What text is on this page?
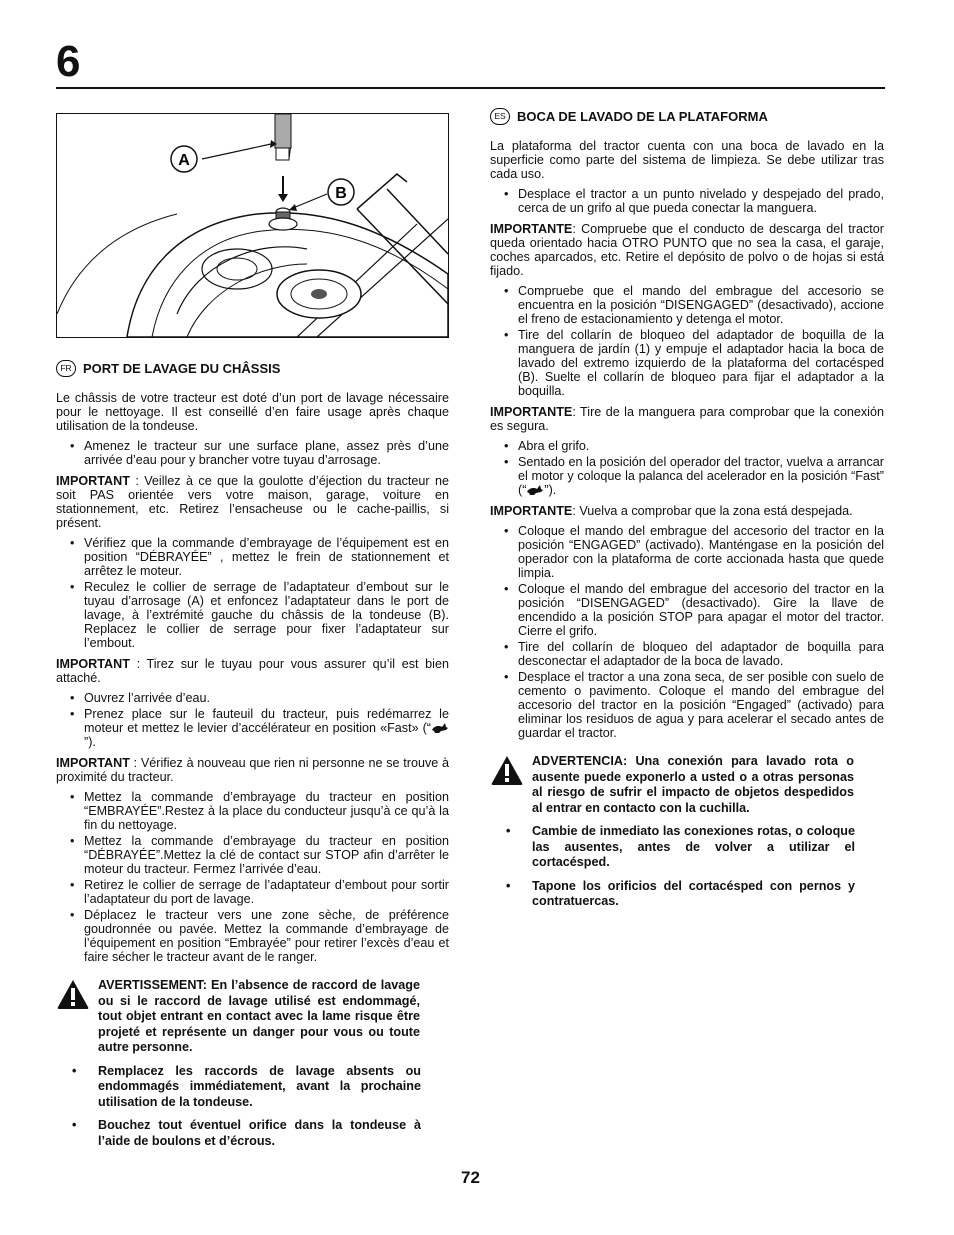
6
A
B
FR PORT DE LAVAGE DU CHÂSSIS

Le châssis de votre tracteur est doté d’un port de lavage nécessaire pour le nettoyage. Il est conseillé d’en faire usage après chaque utilisation de la tondeuse.

• Amenez le tracteur sur une surface plane, assez près d’une arrivée d’eau pour y brancher votre tuyau d’arrosage.

IMPORTANT : Veillez à ce que la goulotte d’éjection du tracteur ne soit PAS orientée vers votre maison, garage, voiture en stationnement, etc. Retirez l’ensacheuse ou le cache-paillis, si présent.

• Vérifiez que la commande d’embrayage de l’équipement est en position “DÉBRAYÉE” , mettez le frein de stationnement et arrêtez le moteur.
• Reculez le collier de serrage de l’adaptateur d’embout sur le tuyau d’arrosage (A) et enfoncez l’adaptateur dans le port de lavage, à l’extrémité gauche du châssis de la tondeuse (B). Replacez le collier de serrage pour fixer l’adaptateur sur l’embout.

IMPORTANT : Tirez sur le tuyau pour vous assurer qu’il est bien attaché.

• Ouvrez l’arrivée d’eau.
• Prenez place sur le fauteuil du tracteur, puis redémarrez le moteur et mettez le levier d’accélérateur en position «Fast» (“”).

IMPORTANT : Vérifiez à nouveau que rien ni personne ne se trouve à proximité du tracteur.

• Mettez la commande d’embrayage du tracteur en position “EMBRAYÉE”.Restez à la place du conducteur jusqu’à ce qu’à la fin du nettoyage.
• Mettez la commande d’embrayage du tracteur en position “DÉBRAYÉE”.Mettez la clé de contact sur STOP afin d’arrêter le moteur du tracteur. Fermez l’arrivée d’eau.
• Retirez le collier de serrage de l’adaptateur d’embout pour sortir l’adaptateur du port de lavage.
• Déplacez le tracteur vers une zone sèche, de préférence goudronnée ou pavée. Mettez la commande d’embrayage de l’équipement en position “Embrayée” pour retirer l’excès d’eau et faire sécher le tracteur avant de le ranger.

AVERTISSEMENT: En l’absence de raccord de lavage ou si le raccord de lavage utilisé est endommagé, tout objet entrant en contact avec la lame risque être projeté et représente un danger pour vous ou toute autre personne.

• Remplacez les raccords de lavage absents ou endommagés immédiatement, avant la prochaine utilisation de la tondeuse.
• Bouchez tout éventuel orifice dans la tondeuse à l’aide de boulons et d’écrous.
ES BOCA DE LAVADO DE LA PLATAFORMA

La plataforma del tractor cuenta con una boca de lavado en la superficie como parte del sistema de limpieza. Se debe utilizar tras cada uso.

• Desplace el tractor a un punto nivelado y despejado del prado, cerca de un grifo al que pueda conectar la manguera.

IMPORTANTE: Compruebe que el conducto de descarga del tractor queda orientado hacia OTRO PUNTO que no sea la casa, el garaje, coches aparcados, etc. Retire el depósito de polvo o de hojas si está fijado.

• Compruebe que el mando del embrague del accesorio se encuentra en la posición “DISENGAGED” (desactivado), accione el freno de estacionamiento y detenga el motor.
• Tire del collarín de bloqueo del adaptador de boquilla de la manguera de jardín (1) y empuje el adaptador hacia la boca de lavado del extremo izquierdo de la plataforma del cortacésped (B). Suelte el collarín de bloqueo para fijar el adaptador a la boquilla.

IMPORTANTE: Tire de la manguera para comprobar que la conexión es segura.

• Abra el grifo.
• Sentado en la posición del operador del tractor, vuelva a arrancar el motor y coloque la palanca del acelerador en la posición “Fast” (“ ”).

IMPORTANTE: Vuelva a comprobar que la zona está despejada.

• Coloque el mando del embrague del accesorio del tractor en la posición “ENGAGED” (activado). Manténgase en la posición del operador con la plataforma de corte accionada hasta que quede limpia.
• Coloque el mando del embrague del accesorio del tractor en la posición “DISENGAGED” (desactivado). Gire la llave de encendido a la posición STOP para apagar el motor del tractor. Cierre el grifo.
• Tire del collarín de bloqueo del adaptador de boquilla para desconectar el adaptador de la boca de lavado.
• Desplace el tractor a una zona seca, de ser posible con suelo de cemento o pavimento. Coloque el mando del embrague del accesorio del tractor en la posición “Engaged” (activado) para eliminar los residuos de agua y para acelerar el secado antes de guardar el tractor.

ADVERTENCIA: Una conexión para lavado rota o ausente puede exponerlo a usted o a otras personas al riesgo de sufrir el impacto de objetos despedidos al entrar en contacto con la cuchilla.

• Cambie de inmediato las conexiones rotas, o coloque las ausentes, antes de volver a utilizar el cortacésped.
• Tapone los orificios del cortacésped con pernos y contratuercas.
72
